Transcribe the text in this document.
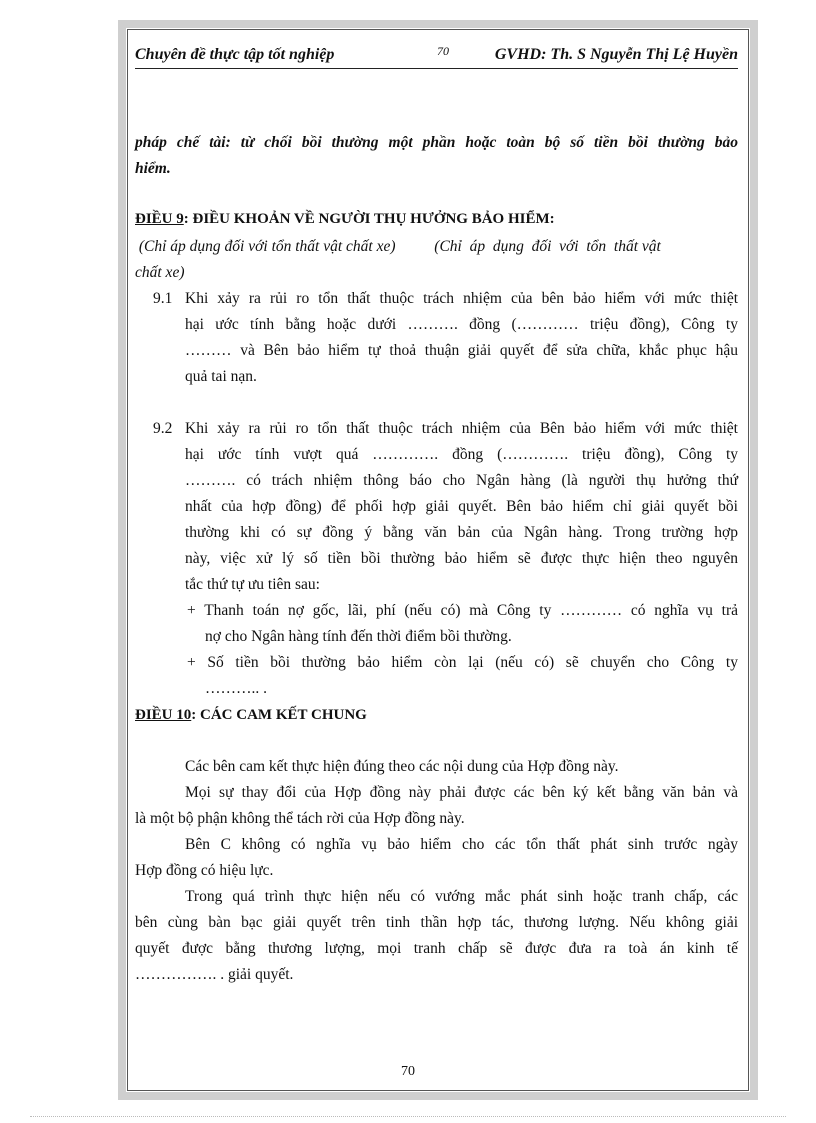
Chuyên đề thực tập tốt nghiệp	70	GVHD: Th. S Nguyễn Thị Lệ Huyền

pháp chế tài: từ chối bồi thường một phần hoặc toàn bộ số tiền bồi thường bảo

hiểm.

ĐIỀU 9: ĐIỀU KHOẢN VỀ NGƯỜI THỤ HƯỞNG BẢO HIỂM:

(Chỉ áp dụng đối với tổn thất vật chất xe)          (Chỉ  áp  dụng  đối  với  tổn  thất vật

chất xe)

9.1 Khi xảy ra rủi ro tổn thất thuộc trách nhiệm của bên bảo hiểm với mức thiệt

hại ước tính bằng hoặc dưới ………. đồng (………… triệu đồng), Công ty

……… và Bên bảo hiểm tự thoả thuận giải quyết để sửa chữa, khắc phục hậu

quả tai nạn.

9.2 Khi xảy ra rủi ro tổn thất thuộc trách nhiệm của Bên bảo hiểm với mức thiệt

hại ước tính vượt quá …………. đồng (…………. triệu đồng), Công ty

………. có trách nhiệm thông báo cho Ngân hàng (là người thụ hưởng thứ

nhất của hợp đồng) để phối hợp giải quyết. Bên bảo hiểm chỉ giải quyết bồi

thường khi có sự đồng ý bằng văn bản của Ngân hàng. Trong trường hợp

này, việc xử lý số tiền bồi thường bảo hiểm sẽ được thực hiện theo nguyên

tắc thứ tự ưu tiên sau:

+ Thanh toán nợ gốc, lãi, phí (nếu có) mà Công ty ………… có nghĩa vụ trả

nợ cho Ngân hàng tính đến thời điểm bồi thường.

+ Số tiền bồi thường bảo hiểm còn lại (nếu có) sẽ chuyển cho Công ty

……….. .

ĐIỀU 10: CÁC CAM KẾT CHUNG

Các bên cam kết thực hiện đúng theo các nội dung của Hợp đồng này.

Mọi sự thay đổi của Hợp đồng này phải được các bên ký kết bằng văn bản và

là một bộ phận không thể tách rời của Hợp đồng này.

Bên C không có nghĩa vụ bảo hiểm cho các tổn thất phát sinh trước ngày

Hợp đồng có hiệu lực.

Trong quá trình thực hiện nếu có vướng mắc phát sinh hoặc tranh chấp, các

bên cùng bàn bạc giải quyết trên tinh thần hợp tác, thương lượng. Nếu không giải

quyết được bằng thương lượng, mọi tranh chấp sẽ được đưa ra toà án kinh tế

……………. . giải quyết.

70
